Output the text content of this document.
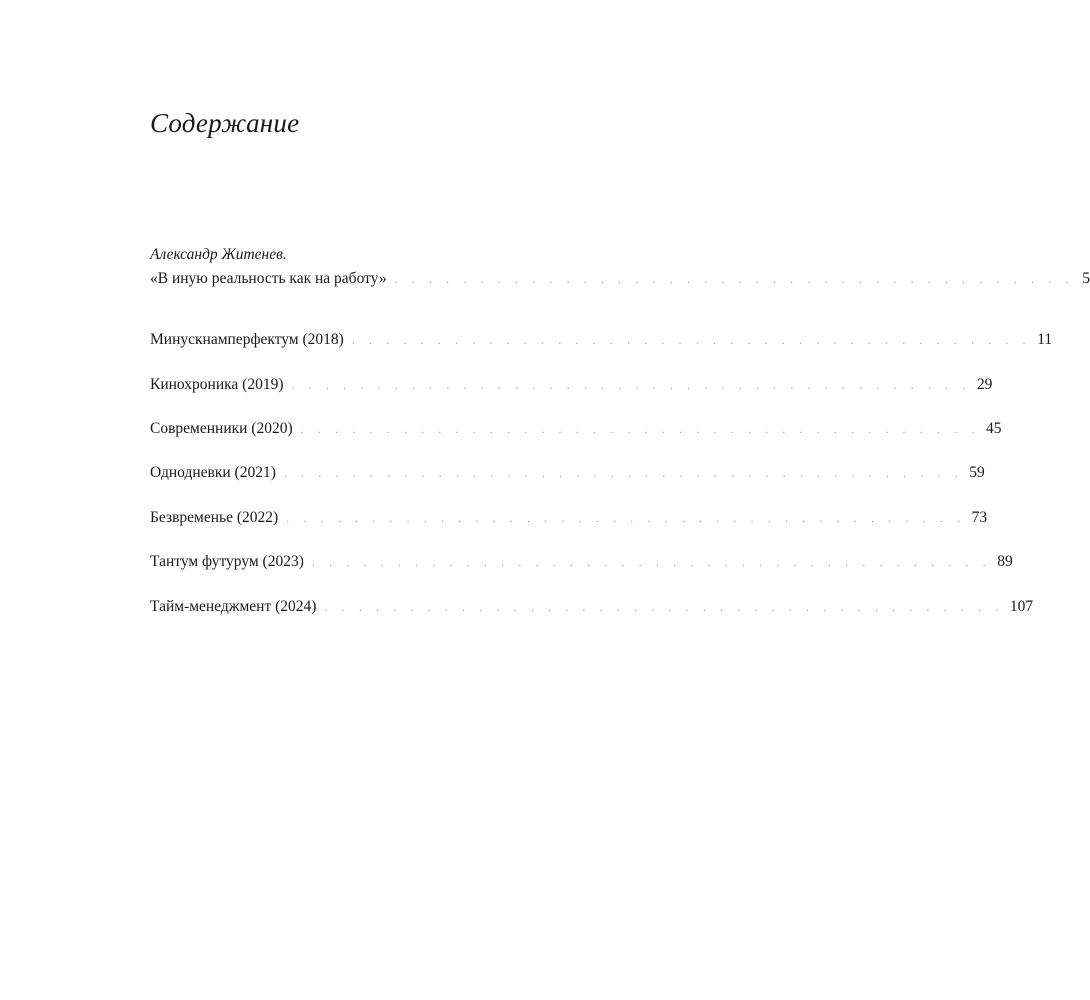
Содержание
Александр Житенев.
«В иную реальность как на работу» . . . . . . . . . . . . . . . . . . . . . . . . . . . . . . . . . . . . . . . . 5
Минускнамперфектум (2018) . . . . . . . . . . . . . . . . . . . . . . . . . . . . . . . . . . . . . . . . 11
Кинохроника (2019) . . . . . . . . . . . . . . . . . . . . . . . . . . . . . . . . . . . . . . . . 29
Современники (2020) . . . . . . . . . . . . . . . . . . . . . . . . . . . . . . . . . . . . . . . . 45
Однодневки (2021) . . . . . . . . . . . . . . . . . . . . . . . . . . . . . . . . . . . . . . . . 59
Безвременье (2022) . . . . . . . . . . . . . . . . . . . . . . . . . . . . . . . . . . . . . . . . 73
Тантум футурум (2023) . . . . . . . . . . . . . . . . . . . . . . . . . . . . . . . . . . . . . . . . 89
Тайм-менеджмент (2024) . . . . . . . . . . . . . . . . . . . . . . . . . . . . . . . . . . . . . . . . 107
